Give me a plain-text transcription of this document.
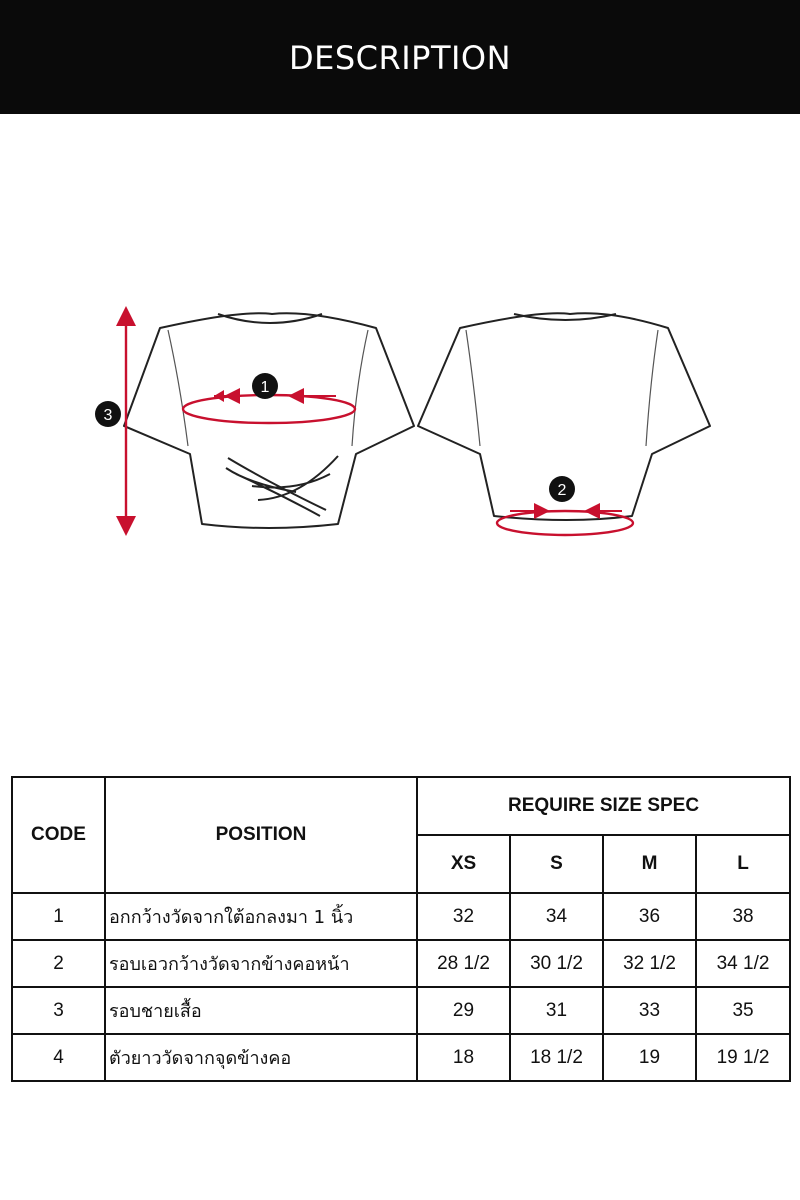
DESCRIPTION
1
3
2
CODE	POSITION	REQUIRE SIZE SPEC			
		XS	S	M	L
1	อกกว้างวัดจากใต้อกลงมา 1 นิ้ว	32	34	36	38
2	รอบเอวกว้างวัดจากข้างคอหน้า	28 1/2	30 1/2	32 1/2	34 1/2
3	รอบชายเสื้อ	29	31	33	35
4	ตัวยาววัดจากจุดข้างคอ	18	18 1/2	19	19 1/2
